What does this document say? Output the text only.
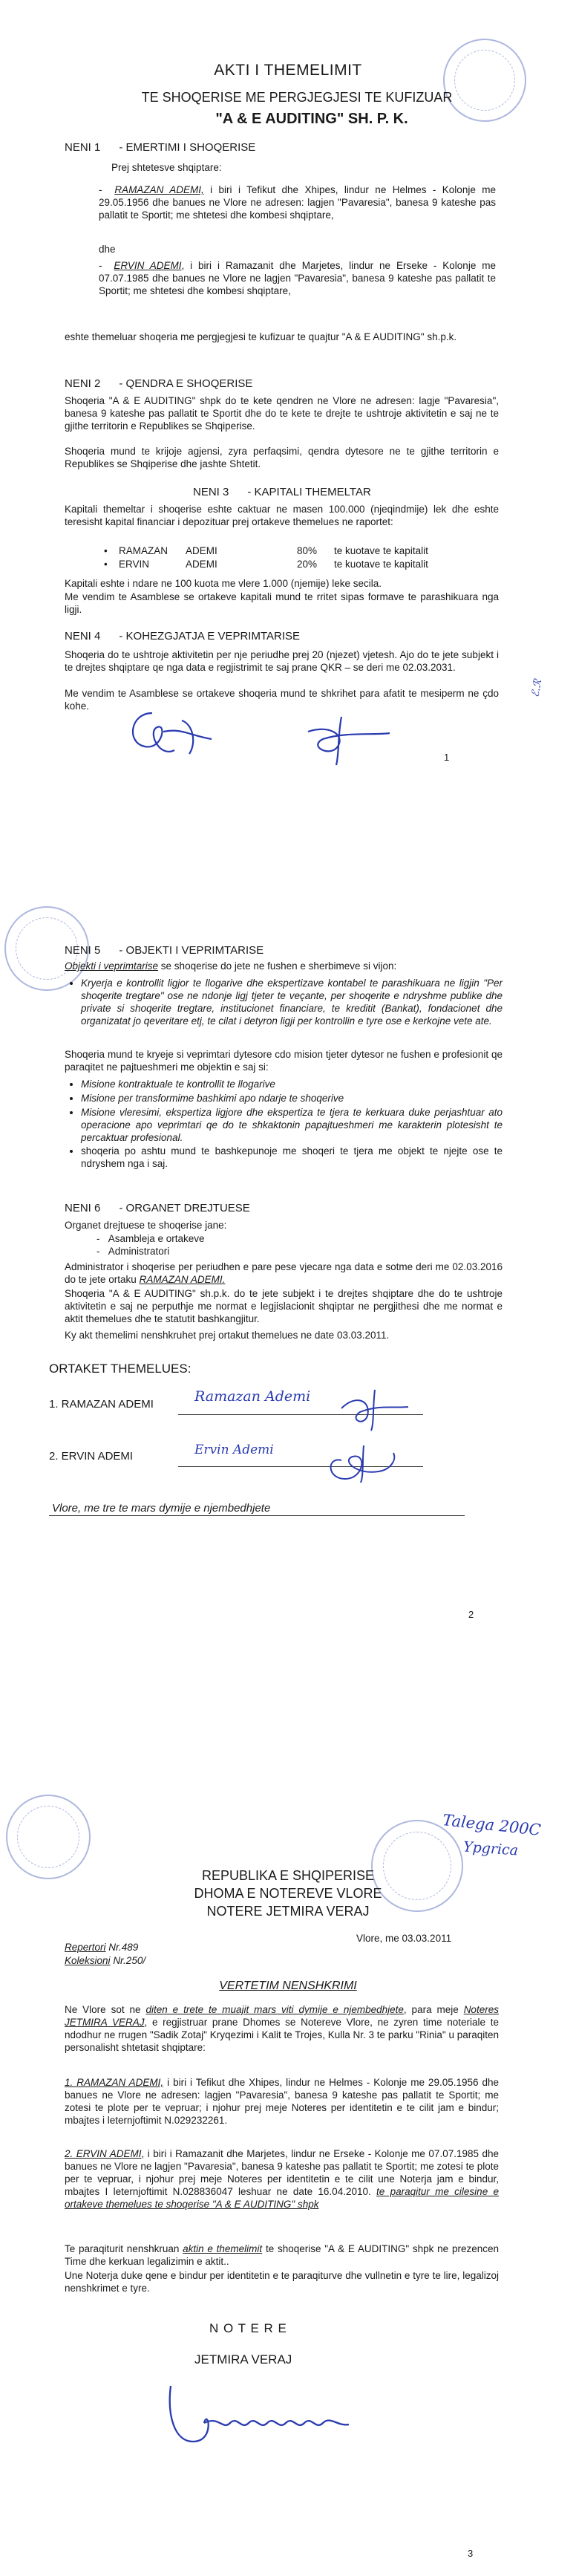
AKTI I THEMELIMIT
TE SHOQERISE ME PERGJEGJESI TE KUFIZUAR
"A & E AUDITING" SH. P. K.
NENI 1 - EMERTIMI I SHOQERISE
Prej shtetesve shqiptare:
-  RAMAZAN ADEMI, i biri i Tefikut dhe Xhipes, lindur ne Helmes - Kolonje me 29.05.1956 dhe banues ne Vlore ne adresen: lagjen "Pavaresia", banesa 9 kateshe pas pallatit te Sportit; me shtetesi dhe kombesi shqiptare,
dhe
-  ERVIN ADEMI, i biri i Ramazanit dhe Marjetes, lindur ne Erseke - Kolonje me 07.07.1985 dhe banues ne Vlore ne lagjen "Pavaresia", banesa 9 kateshe pas pallatit te Sportit; me shtetesi dhe kombesi shqiptare,
eshte themeluar shoqeria me pergjegjesi te kufizuar te quajtur "A & E AUDITING" sh.p.k.
NENI 2 - QENDRA E SHOQERISE
Shoqeria "A & E AUDITING" shpk do te kete qendren ne Vlore ne adresen: lagje "Pavaresia", banesa 9 kateshe pas pallatit te Sportit dhe do te kete te drejte te ushtroje aktivitetin e saj ne te gjithe territorin e Republikes se Shqiperise.
Shoqeria mund te krijoje agjensi, zyra perfaqsimi, qendra dytesore ne te gjithe territorin e Republikes se Shqiperise dhe jashte Shtetit.
NENI 3 - KAPITALI THEMELTAR
Kapitali themeltar i shoqerise eshte caktuar ne masen 100.000 (njeqindmije) lek dhe eshte teresisht kapital financiar i depozituar prej ortakeve themelues ne raportet:
•	RAMAZAN	ADEMI	80%	te kuotave te kapitalit
•	ERVIN	ADEMI	20%	te kuotave te kapitalit
Kapitali eshte i ndare ne 100 kuota me vlere 1.000 (njemije) leke secila.
Me vendim te Asamblese se ortakeve kapitali mund te rritet sipas formave te parashikuara nga ligji.
NENI 4 - KOHEZGJATJA E VEPRIMTARISE
Shoqeria do te ushtroje aktivitetin per nje periudhe prej 20 (njezet) vjetesh. Ajo do te jete subjekt i te drejtes shqiptare qe nga data e regjistrimit te saj prane QKR – se deri me 02.03.2031.
Me vendim te Asamblese se ortakeve shoqeria mund te shkrihet para afatit te mesiperm ne çdo kohe.
ℰ.ℛ
1
NENI 5 - OBJEKTI I VEPRIMTARISE
Objekti i veprimtarise se shoqerise do jete ne fushen e sherbimeve si vijon:
• Kryerja e kontrollit ligjor te llogarive dhe ekspertizave kontabel te parashikuara ne ligjin "Per shoqerite tregtare" ose ne ndonje ligj tjeter te veçante, per shoqerite e ndryshme publike dhe private si shoqerite tregtare, institucionet financiare, te kreditit (Bankat), fondacionet dhe organizatat jo qeveritare etj, te cilat i detyron ligji per kontrollin e tyre ose e kerkojne vete ate.
Shoqeria mund te kryeje si veprimtari dytesore cdo mision tjeter dytesor ne fushen e profesionit qe paraqitet ne pajtueshmeri me objektin e saj si:
• Misione kontraktuale te kontrollit te llogarive
• Misione per transformime bashkimi apo ndarje te shoqerive
• Misione vleresimi, ekspertiza ligjore dhe ekspertiza te tjera te kerkuara duke perjashtuar ato operacione apo veprimtari qe do te shkaktonin papajtueshmeri me karakterin plotesisht te percaktuar profesional.
• shoqeria po ashtu mund te bashkepunoje me shoqeri te tjera me objekt te njejte ose te ndryshem nga i saj.
NENI 6 - ORGANET DREJTUESE
Organet drejtuese te shoqerise jane:
-   Asambleja e ortakeve
-   Administratori
Administrator i shoqerise per periudhen e pare pese vjecare nga data e sotme deri me 02.03.2016 do te jete ortaku RAMAZAN ADEMI.
Shoqeria "A & E AUDITING" sh.p.k. do te jete subjekt i te drejtes shqiptare dhe do te ushtroje aktivitetin e saj ne perputhje me normat e legjislacionit shqiptar ne pergjithesi dhe me normat e aktit themelues dhe te statutit bashkangjitur.
Ky akt themelimi nenshkruhet prej ortakut themelues ne date 03.03.2011.
ORTAKET THEMELUES:
1. RAMAZAN ADEMI	Ramazan Ademi
2. ERVIN ADEMI	Ervin Ademi
Vlore, me tre te mars dymije e njembedhjete
2
Talega 200C
Ypgrica
REPUBLIKA E SHQIPERISE
DHOMA E NOTEREVE VLORE
NOTERE JETMIRA VERAJ
Vlore, me 03.03.2011
Repertori Nr.489
Koleksioni Nr.250/
VERTETIM NENSHKRIMI
Ne Vlore sot ne diten e trete te muajit mars viti dymije e njembedhjete, para meje Noteres JETMIRA VERAJ, e regjistruar prane Dhomes se Notereve Vlore, ne zyren time noteriale te ndodhur ne rrugen "Sadik Zotaj" Kryqezimi i Kalit te Trojes, Kulla Nr. 3 te parku "Rinia" u paraqiten personalisht shtetasit shqiptare:
1. RAMAZAN ADEMI, i biri i Tefikut dhe Xhipes, lindur ne Helmes - Kolonje me 29.05.1956 dhe banues ne Vlore ne adresen: lagjen "Pavaresia", banesa 9 kateshe pas pallatit te Sportit; me zotesi te plote per te vepruar; i njohur prej meje Noteres per identitetin e te cilit jam e bindur; mbajtes i leternjoftimit N.029232261.
2. ERVIN ADEMI, i biri i Ramazanit dhe Marjetes, lindur ne Erseke - Kolonje me 07.07.1985 dhe banues ne Vlore ne lagjen "Pavaresia", banesa 9 kateshe pas pallatit te Sportit; me zotesi te plote per te vepruar, i njohur prej meje Noteres per identitetin e te cilit une Noterja jam e bindur, mbajtes I leternjoftimit N.028836047 leshuar ne date 16.04.2010. te paraqitur me cilesine e ortakeve themelues te shoqerise "A & E AUDITING" shpk
Te paraqiturit nenshkruan aktin e themelimit te shoqerise "A & E AUDITING" shpk ne prezencen Time dhe kerkuan legalizimin e aktit..
Une Noterja duke qene e bindur per identitetin e te paraqiturve dhe vullnetin e tyre te lire, legalizoj nenshkrimet e tyre.
N O T E R E
JETMIRA VERAJ
3
